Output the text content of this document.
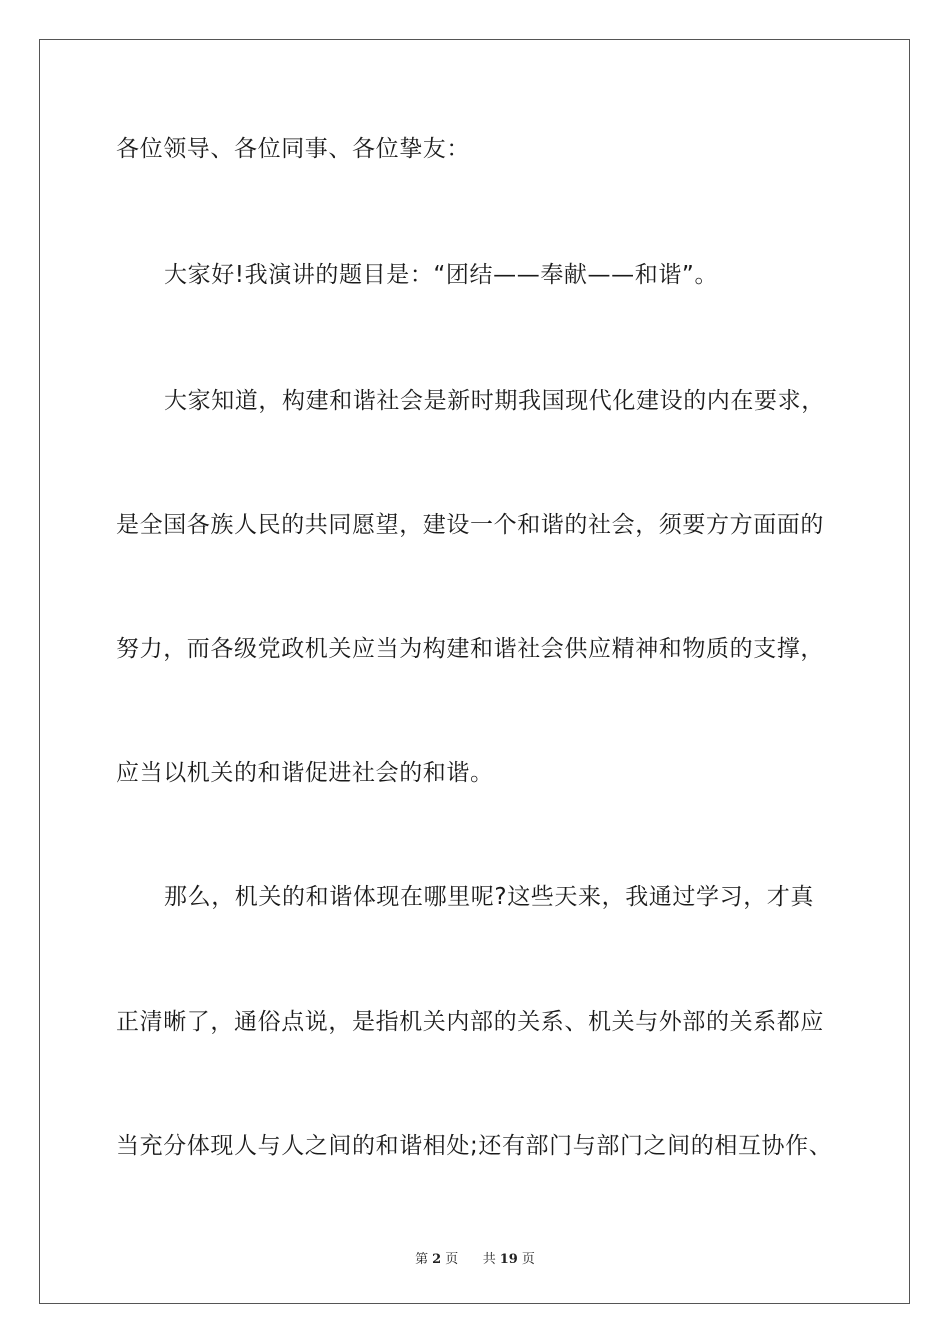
各位领导、各位同事、各位挚友：
大家好!我演讲的题目是：“团结——奉献——和谐”。
大家知道，构建和谐社会是新时期我国现代化建设的内在要求，
是全国各族人民的共同愿望，建设一个和谐的社会，须要方方面面的
努力，而各级党政机关应当为构建和谐社会供应精神和物质的支撑，
应当以机关的和谐促进社会的和谐。
那么，机关的和谐体现在哪里呢?这些天来，我通过学习，才真
正清晰了，通俗点说，是指机关内部的关系、机关与外部的关系都应
当充分体现人与人之间的和谐相处;还有部门与部门之间的相互协作、
第 2 页 共 19 页
